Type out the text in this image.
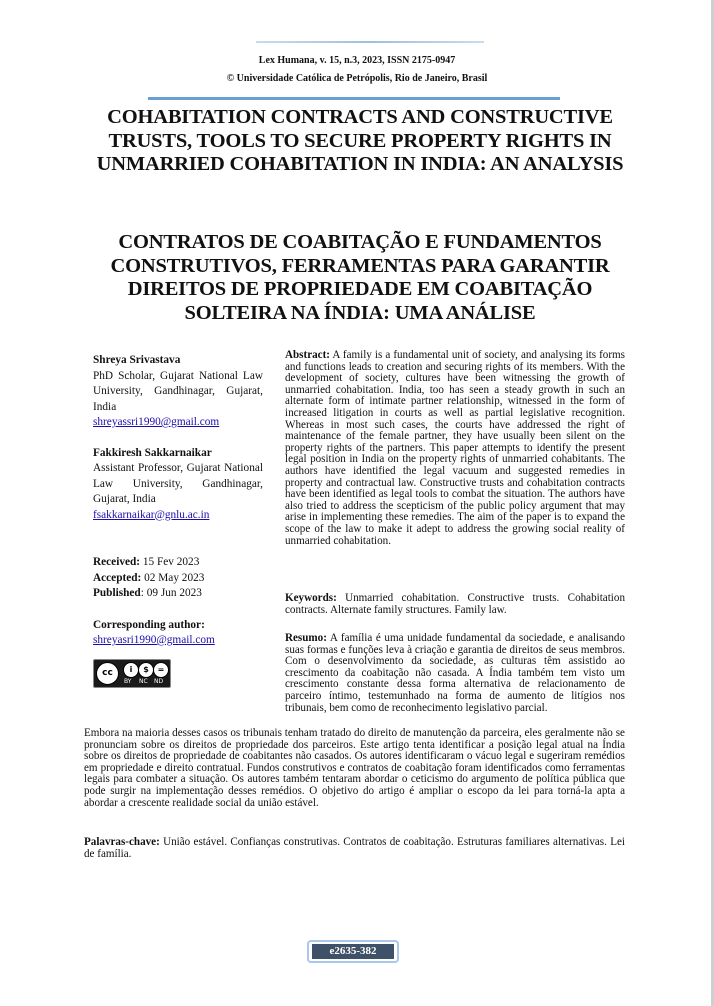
Lex Humana, v. 15, n.3, 2023, ISSN 2175-0947
© Universidade Católica de Petrópolis, Rio de Janeiro, Brasil
COHABITATION CONTRACTS AND CONSTRUCTIVE TRUSTS, TOOLS TO SECURE PROPERTY RIGHTS IN UNMARRIED COHABITATION IN INDIA: AN ANALYSIS
CONTRATOS DE COABITAÇÃO E FUNDAMENTOS CONSTRUTIVOS, FERRAMENTAS PARA GARANTIR DIREITOS DE PROPRIEDADE EM COABITAÇÃO SOLTEIRA NA ÍNDIA: UMA ANÁLISE
Shreya Srivastava
PhD Scholar, Gujarat National Law University, Gandhinagar, Gujarat, India
shreyassri1990@gmail.com
Fakkiresh Sakkarnaikar
Assistant Professor, Gujarat National Law University, Gandhinagar, Gujarat, India
fsakkarnaikar@gnlu.ac.in
Received: 15 Fev 2023
Accepted: 02 May 2023
Published: 09 Jun 2023
Corresponding author:
shreyasri1990@gmail.com
cc	i	$	=
BY NC ND
Abstract: A family is a fundamental unit of society, and analysing its forms and functions leads to creation and securing rights of its members. With the development of society, cultures have been witnessing the growth of unmarried cohabitation. India, too has seen a steady growth in such an alternate form of intimate partner relationship, witnessed in the form of increased litigation in courts as well as partial legislative recognition. Whereas in most such cases, the courts have addressed the right of maintenance of the female partner, they have usually been silent on the property rights of the partners. This paper attempts to identify the present legal position in India on the property rights of unmarried cohabitants. The authors have identified the legal vacuum and suggested remedies in property and contractual law. Constructive trusts and cohabitation contracts have been identified as legal tools to combat the situation. The authors have also tried to address the scepticism of the public policy argument that may arise in implementing these remedies. The aim of the paper is to expand the scope of the law to make it adept to address the growing social reality of unmarried cohabitation.
Keywords: Unmarried cohabitation. Constructive trusts. Cohabitation contracts. Alternate family structures. Family law.
Resumo: A família é uma unidade fundamental da sociedade, e analisando suas formas e funções leva à criação e garantia de direitos de seus membros. Com o desenvolvimento da sociedade, as culturas têm assistido ao crescimento da coabitação não casada. A Índia também tem visto um crescimento constante dessa forma alternativa de relacionamento de parceiro íntimo, testemunhado na forma de aumento de litígios nos tribunais, bem como de reconhecimento legislativo parcial.
Embora na maioria desses casos os tribunais tenham tratado do direito de manutenção da parceira, eles geralmente não se pronunciam sobre os direitos de propriedade dos parceiros. Este artigo tenta identificar a posição legal atual na Índia sobre os direitos de propriedade de coabitantes não casados. Os autores identificaram o vácuo legal e sugeriram remédios em propriedade e direito contratual. Fundos construtivos e contratos de coabitação foram identificados como ferramentas legais para combater a situação. Os autores também tentaram abordar o ceticismo do argumento de política pública que pode surgir na implementação desses remédios. O objetivo do artigo é ampliar o escopo da lei para torná-la apta a abordar a crescente realidade social da união estável.
Palavras-chave: União estável. Confianças construtivas. Contratos de coabitação. Estruturas familiares alternativas. Lei de família.
e2635-382
